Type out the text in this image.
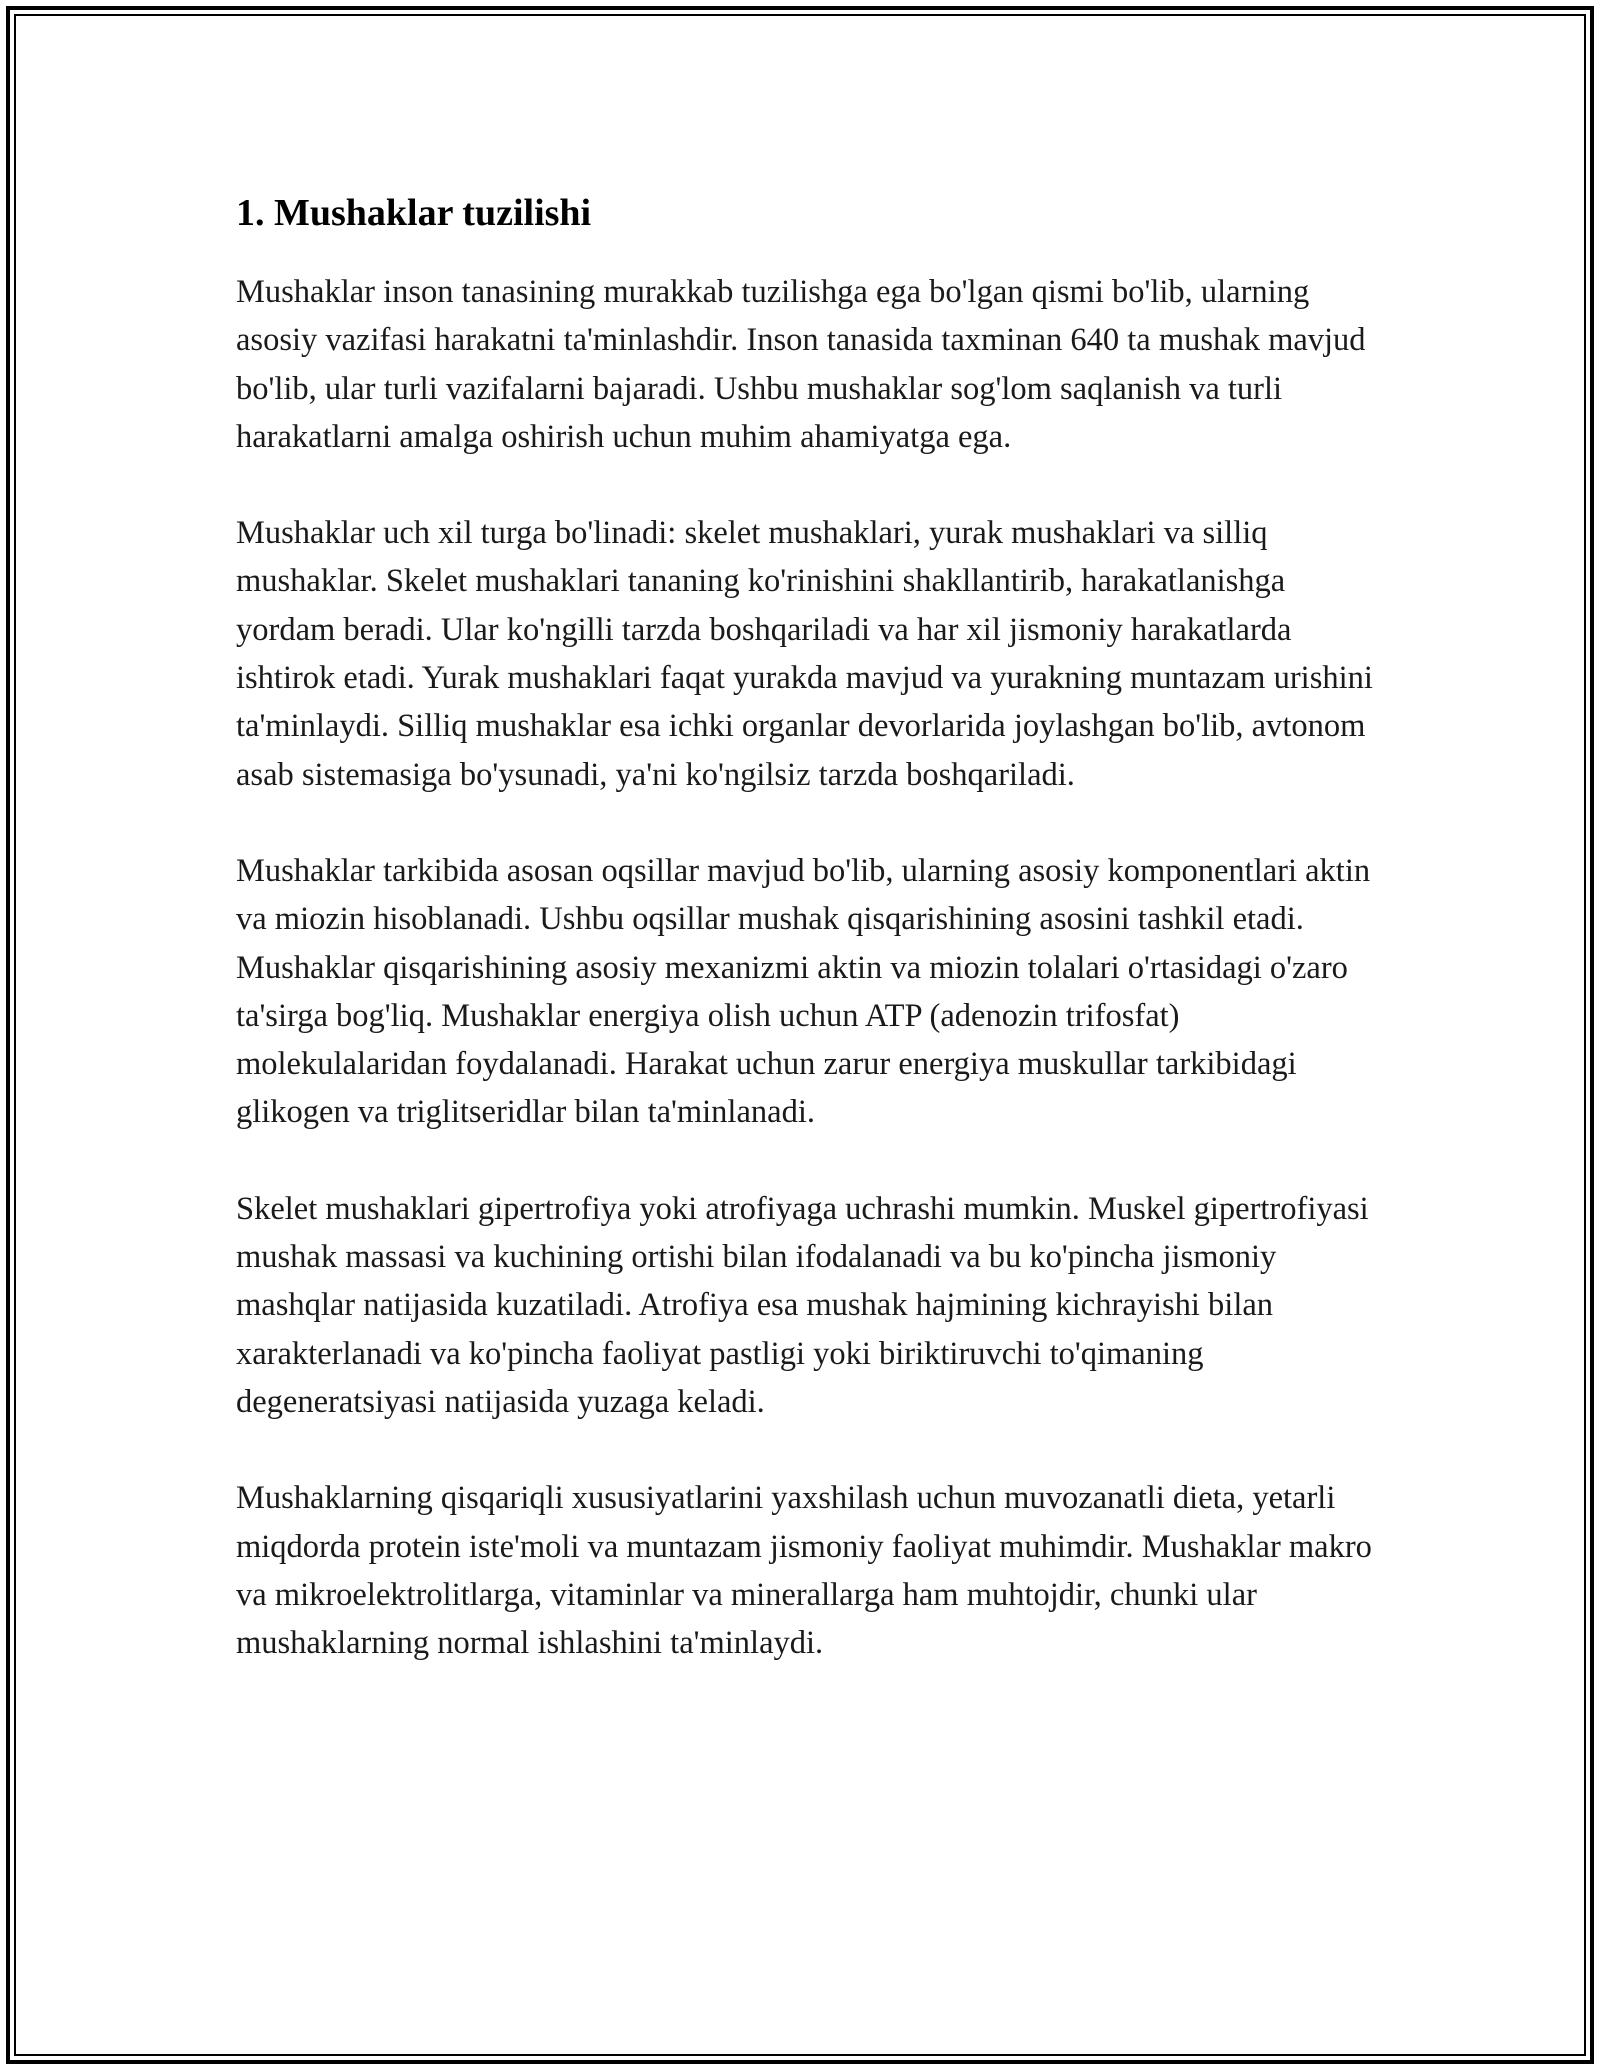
1. Mushaklar tuzilishi

Mushaklar inson tanasining murakkab tuzilishga ega bo'lgan qismi bo'lib, ularning asosiy vazifasi harakatni ta'minlashdir. Inson tanasida taxminan 640 ta mushak mavjud bo'lib, ular turli vazifalarni bajaradi. Ushbu mushaklar sog'lom saqlanish va turli harakatlarni amalga oshirish uchun muhim ahamiyatga ega.

Mushaklar uch xil turga bo'linadi: skelet mushaklari, yurak mushaklari va silliq mushaklar. Skelet mushaklari tananing ko'rinishini shakllantirib, harakatlanishga yordam beradi. Ular ko'ngilli tarzda boshqariladi va har xil jismoniy harakatlarda ishtirok etadi. Yurak mushaklari faqat yurakda mavjud va yurakning muntazam urishini ta'minlaydi. Silliq mushaklar esa ichki organlar devorlarida joylashgan bo'lib, avtonom asab sistemasiga bo'ysunadi, ya'ni ko'ngilsiz tarzda boshqariladi.

Mushaklar tarkibida asosan oqsillar mavjud bo'lib, ularning asosiy komponentlari aktin va miozin hisoblanadi. Ushbu oqsillar mushak qisqarishining asosini tashkil etadi. Mushaklar qisqarishining asosiy mexanizmi aktin va miozin tolalari o'rtasidagi o'zaro ta'sirga bog'liq. Mushaklar energiya olish uchun ATP (adenozin trifosfat) molekulalaridan foydalanadi. Harakat uchun zarur energiya muskullar tarkibidagi glikogen va triglitseridlar bilan ta'minlanadi.

Skelet mushaklari gipertrofiya yoki atrofiyaga uchrashi mumkin. Muskel gipertrofiyasi mushak massasi va kuchining ortishi bilan ifodalanadi va bu ko'pincha jismoniy mashqlar natijasida kuzatiladi. Atrofiya esa mushak hajmining kichrayishi bilan xarakterlanadi va ko'pincha faoliyat pastligi yoki biriktiruvchi to'qimaning degeneratsiyasi natijasida yuzaga keladi.

Mushaklarning qisqariqli xususiyatlarini yaxshilash uchun muvozanatli dieta, yetarli miqdorda protein iste'moli va muntazam jismoniy faoliyat muhimdir. Mushaklar makro va mikroelektrolitlarga, vitaminlar va minerallarga ham muhtojdir, chunki ular mushaklarning normal ishlashini ta'minlaydi.
